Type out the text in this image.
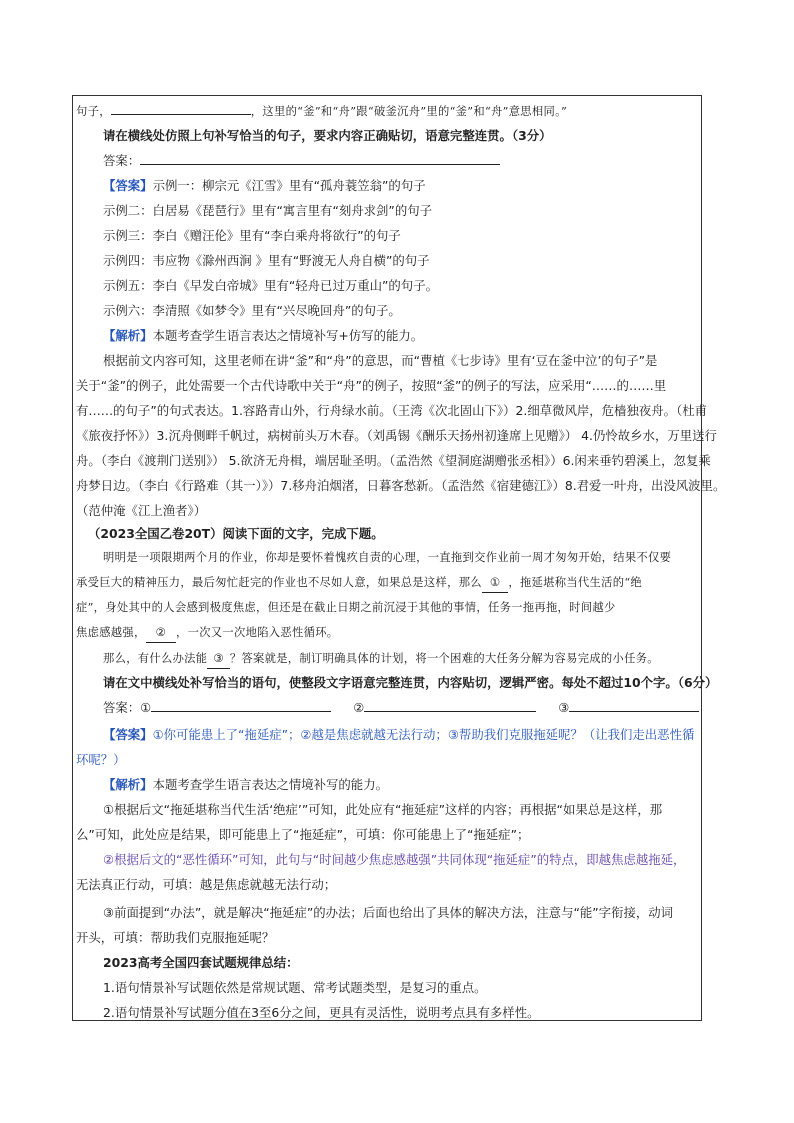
句子，	，这里的“釜”和“舟”跟“破釜沉舟”里的“釜”和“舟”意思相同。”
请在横线处仿照上句补写恰当的句子，要求内容正确贴切，语意完整连贯。（3分）
答案：
【答案】示例一：柳宗元《江雪》里有“孤舟蓑笠翁”的句子
示例二：白居易《琵琶行》里有“寓言里有“刻舟求剑”的句子
示例三：李白《赠汪伦》里有“李白乘舟将欲行”的句子
示例四：韦应物《滁州西涧 》里有“野渡无人舟自横”的句子
示例五：李白《早发白帝城》里有“轻舟已过万重山”的句子。
示例六：李清照《如梦令》里有“兴尽晚回舟”的句子。
【解析】本题考查学生语言表达之情境补写+仿写的能力。
根据前文内容可知，这里老师在讲“釜”和“舟”的意思，而“曹植《七步诗》里有‘豆在釜中泣’的句子”是
关于“釜”的例子，此处需要一个古代诗歌中关于“舟”的例子，按照“釜”的例子的写法，应采用“……的……里
有……的句子”的句式表达。1.容路青山外，行舟绿水前。（王湾《次北固山下》）2.细草微风岸，危樯独夜舟。（杜甫
《旅夜抒怀》）3.沉舟侧畔千帆过，病树前头万木春。（刘禹锡《酬乐天扬州初逢席上见赠》） 4.仍怜故乡水，万里送行
舟。（李白《渡荆门送别》） 5.欲济无舟楫，端居耻圣明。（孟浩然《望洞庭湖赠张丞相》）6.闲来垂钓碧溪上，忽复乘
舟梦日边。（李白《行路难（其一）》）7.移舟泊烟渚，日暮客愁新。（孟浩然《宿建德江》）8.君爱一叶舟，出没风波里。
（范仲淹《江上渔者》）
（2023全国乙卷20T）阅读下面的文字，完成下题。
明明是一项限期两个月的作业，你却是要怀着愧疚自责的心理，一直拖到交作业前一周才匆匆开始，结果不仅要
承受巨大的精神压力，最后匆忙赶完的作业也不尽如人意，如果总是这样，那么 ① ，拖延堪称当代生活的“绝
症”，身处其中的人会感到极度焦虑，但还是在截止日期之前沉浸于其他的事情，任务一拖再拖，时间越少
焦虑感越强， ② ，一次又一次地陷入恶性循环。
那么，有什么办法能 ③ ？答案就是，制订明确具体的计划，将一个困难的大任务分解为容易完成的小任务。
请在文中横线处补写恰当的语句，使整段文字语意完整连贯，内容贴切，逻辑严密。每处不超过10个字。（6分）
答案：①	②	③
【答案】①你可能患上了“拖延症”；②越是焦虑就越无法行动；③帮助我们克服拖延呢？（让我们走出恶性循
环呢？）
【解析】本题考查学生语言表达之情境补写的能力。
①根据后文“拖延堪称当代生活‘绝症’”可知，此处应有“拖延症”这样的内容；再根据“如果总是这样，那
么”可知，此处应是结果，即可能患上了“拖延症”，可填：你可能患上了“拖延症”；
②根据后文的“恶性循环”可知，此句与“时间越少焦虑感越强”共同体现“拖延症”的特点，即越焦虑越拖延，
无法真正行动，可填：越是焦虑就越无法行动；
③前面提到“办法”，就是解决“拖延症”的办法；后面也给出了具体的解决方法，注意与“能”字衔接，动词
开头，可填：帮助我们克服拖延呢？
2023高考全国四套试题规律总结：
1.语句情景补写试题依然是常规试题、常考试题类型，是复习的重点。
2.语句情景补写试题分值在3至6分之间，更具有灵活性，说明考点具有多样性。
